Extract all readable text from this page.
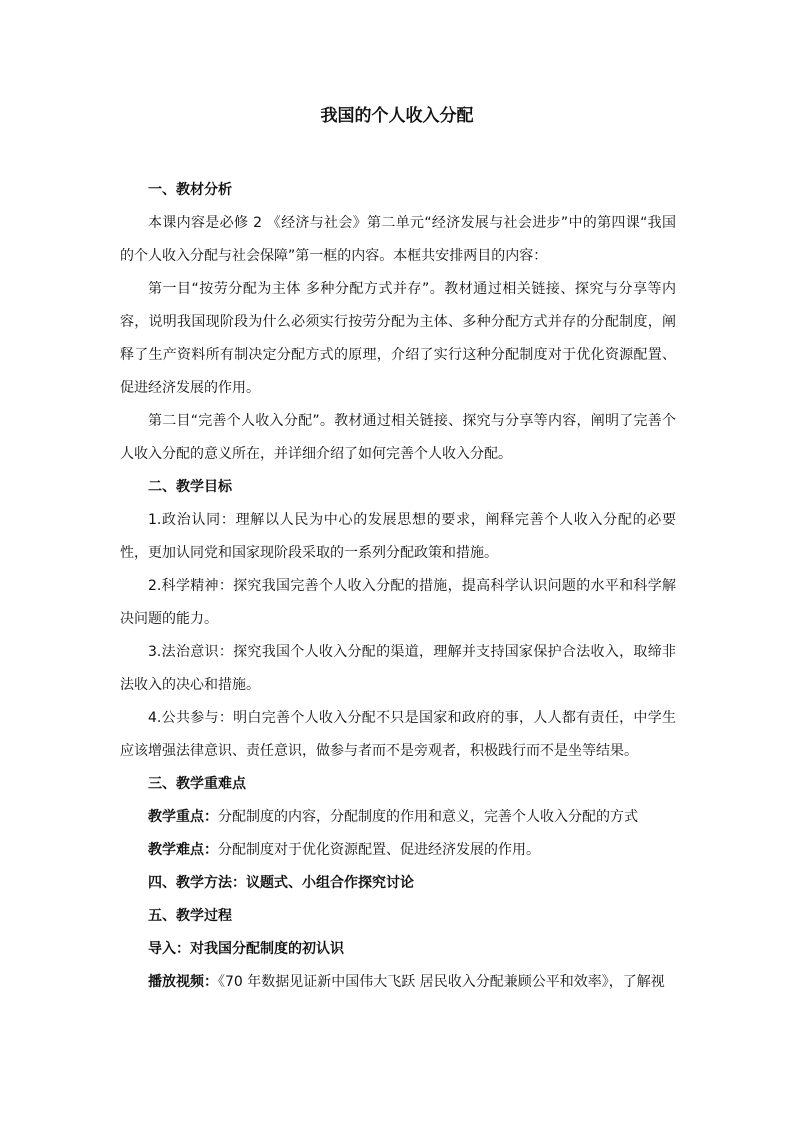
我国的个人收入分配

一、教材分析

本课内容是必修 2 《经济与社会》第二单元“经济发展与社会进步”中的第四课“我国的个人收入分配与社会保障”第一框的内容。本框共安排两目的内容：

第一目“按劳分配为主体 多种分配方式并存”。教材通过相关链接、探究与分享等内容，说明我国现阶段为什么必须实行按劳分配为主体、多种分配方式并存的分配制度，阐释了生产资料所有制决定分配方式的原理，介绍了实行这种分配制度对于优化资源配置、促进经济发展的作用。

第二目“完善个人收入分配”。教材通过相关链接、探究与分享等内容，阐明了完善个人收入分配的意义所在，并详细介绍了如何完善个人收入分配。

二、教学目标

1.政治认同：理解以人民为中心的发展思想的要求，阐释完善个人收入分配的必要性，更加认同党和国家现阶段采取的一系列分配政策和措施。

2.科学精神：探究我国完善个人收入分配的措施，提高科学认识问题的水平和科学解决问题的能力。

3.法治意识：探究我国个人收入分配的渠道，理解并支持国家保护合法收入，取缔非法收入的决心和措施。

4.公共参与：明白完善个人收入分配不只是国家和政府的事，人人都有责任，中学生应该增强法律意识、责任意识，做参与者而不是旁观者，积极践行而不是坐等结果。

三、教学重难点

教学重点：分配制度的内容，分配制度的作用和意义，完善个人收入分配的方式

教学难点：分配制度对于优化资源配置、促进经济发展的作用。

四、教学方法：议题式、小组合作探究讨论

五、教学过程

导入：对我国分配制度的初认识

播放视频：《70 年数据见证新中国伟大飞跃 居民收入分配兼顾公平和效率》，了解视
